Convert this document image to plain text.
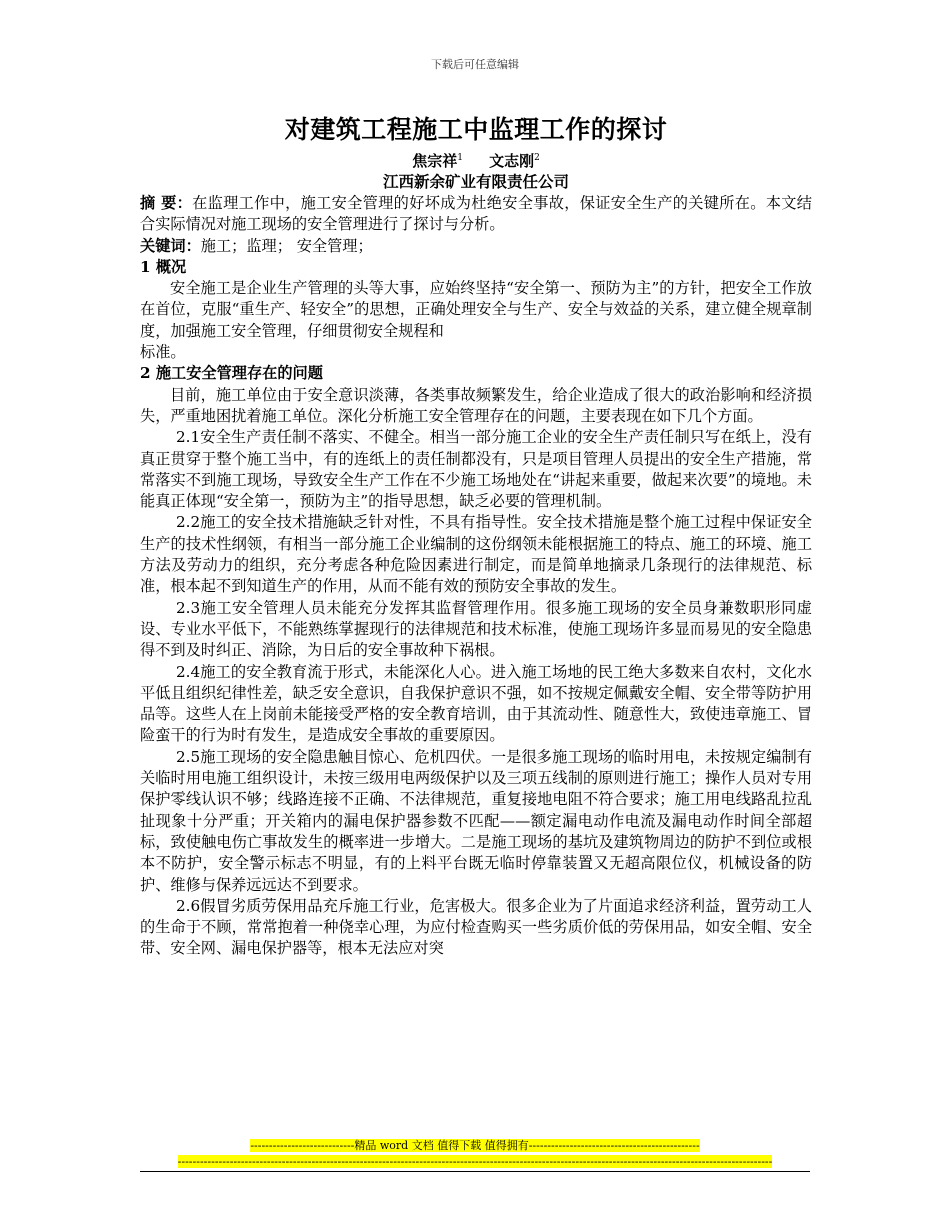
下载后可任意编辑
对建筑工程施工中监理工作的探讨

焦宗祥$^1$ 文志刚$^2$

江西新余矿业有限责任公司

摘 要：在监理工作中，施工安全管理的好坏成为杜绝安全事故，保证安全生产的关键所在。本文结合实际情况对施工现场的安全管理进行了探讨与分析。

关键词：施工；监理； 安全管理；

1 概况

安全施工是企业生产管理的头等大事，应始终坚持“安全第一、预防为主”的方针，把安全工作放在首位，克服“重生产、轻安全”的思想，正确处理安全与生产、安全与效益的关系，建立健全规章制度，加强施工安全管理，仔细贯彻安全规程和

标准。

2 施工安全管理存在的问题

目前，施工单位由于安全意识淡薄，各类事故频繁发生，给企业造成了很大的政治影响和经济损失，严重地困扰着施工单位。深化分析施工安全管理存在的问题，主要表现在如下几个方面。

2.1安全生产责任制不落实、不健全。相当一部分施工企业的安全生产责任制只写在纸上，没有真正贯穿于整个施工当中，有的连纸上的责任制都没有，只是项目管理人员提出的安全生产措施，常常落实不到施工现场，导致安全生产工作在不少施工场地处在“讲起来重要，做起来次要”的境地。未能真正体现“安全第一，预防为主”的指导思想，缺乏必要的管理机制。

2.2施工的安全技术措施缺乏针对性，不具有指导性。安全技术措施是整个施工过程中保证安全生产的技术性纲领，有相当一部分施工企业编制的这份纲领未能根据施工的特点、施工的环境、施工方法及劳动力的组织，充分考虑各种危险因素进行制定，而是简单地摘录几条现行的法律规范、标准，根本起不到知道生产的作用，从而不能有效的预防安全事故的发生。

2.3施工安全管理人员未能充分发挥其监督管理作用。很多施工现场的安全员身兼数职形同虚设、专业水平低下，不能熟练掌握现行的法律规范和技术标准，使施工现场许多显而易见的安全隐患得不到及时纠正、消除，为日后的安全事故种下祸根。

2.4施工的安全教育流于形式，未能深化人心。进入施工场地的民工绝大多数来自农村，文化水平低且组织纪律性差，缺乏安全意识，自我保护意识不强，如不按规定佩戴安全帽、安全带等防护用品等。这些人在上岗前未能接受严格的安全教育培训，由于其流动性、随意性大，致使违章施工、冒险蛮干的行为时有发生，是造成安全事故的重要原因。

2.5施工现场的安全隐患触目惊心、危机四伏。一是很多施工现场的临时用电，未按规定编制有关临时用电施工组织设计，未按三级用电两级保护以及三项五线制的原则进行施工；操作人员对专用保护零线认识不够；线路连接不正确、不法律规范，重复接地电阻不符合要求；施工用电线路乱拉乱扯现象十分严重；开关箱内的漏电保护器参数不匹配——额定漏电动作电流及漏电动作时间全部超标，致使触电伤亡事故发生的概率进一步增大。二是施工现场的基坑及建筑物周边的防护不到位或根本不防护，安全警示标志不明显，有的上料平台既无临时停靠装置又无超高限位仪，机械设备的防护、维修与保养远远达不到要求。

2.6假冒劣质劳保用品充斥施工行业，危害极大。很多企业为了片面追求经济利益，置劳动工人的生命于不顾，常常抱着一种侥幸心理，为应付检查购买一些劣质价低的劳保用品，如安全帽、安全带、安全网、漏电保护器等，根本无法应对突

----------------------------精品 word 文档 值得下载 值得拥有----------------------------------------------
----------------------------------------------------------------------------------------------------------------------------------------------------------------
